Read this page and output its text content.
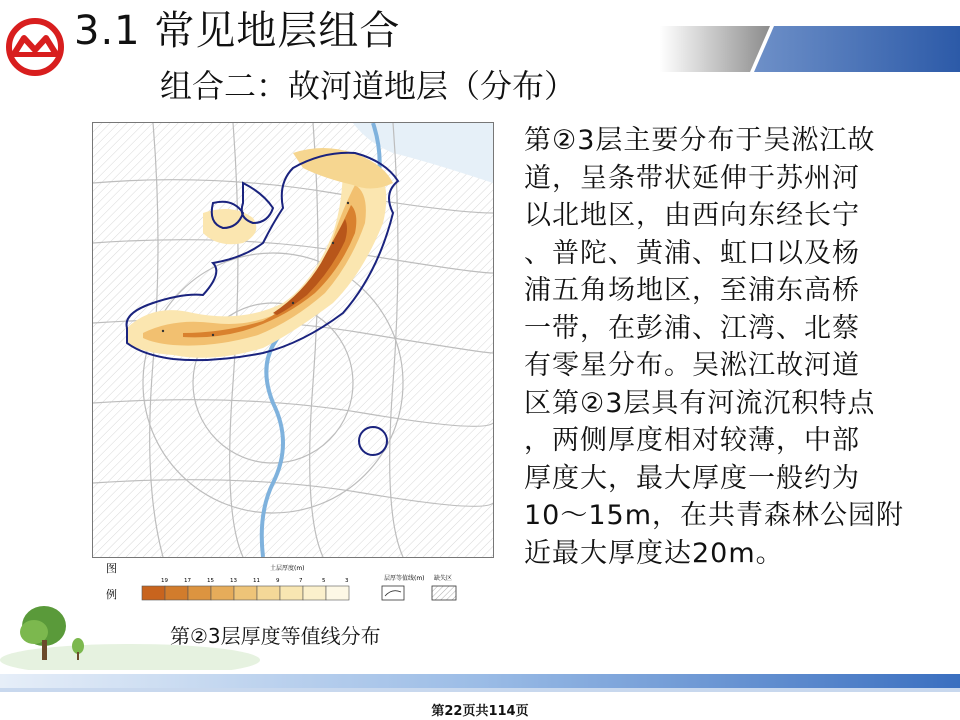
3.1 常见地层组合
组合二：故河道地层（分布）
图
例
土层厚度(m)
19	17	15	13	11	9	7	5	3	层厚等值线(m) 缺失区
第②3层主要分布于吴淞江故
道，呈条带状延伸于苏州河
以北地区，由西向东经长宁
、普陀、黄浦、虹口以及杨
浦五角场地区，至浦东高桥
一带，在彭浦、江湾、北蔡
有零星分布。吴淞江故河道
区第②3层具有河流沉积特点
，两侧厚度相对较薄，中部
厚度大，最大厚度一般约为
10～15m，在共青森林公园附
近最大厚度达20m。
第②3层厚度等值线分布
第22页共114页
